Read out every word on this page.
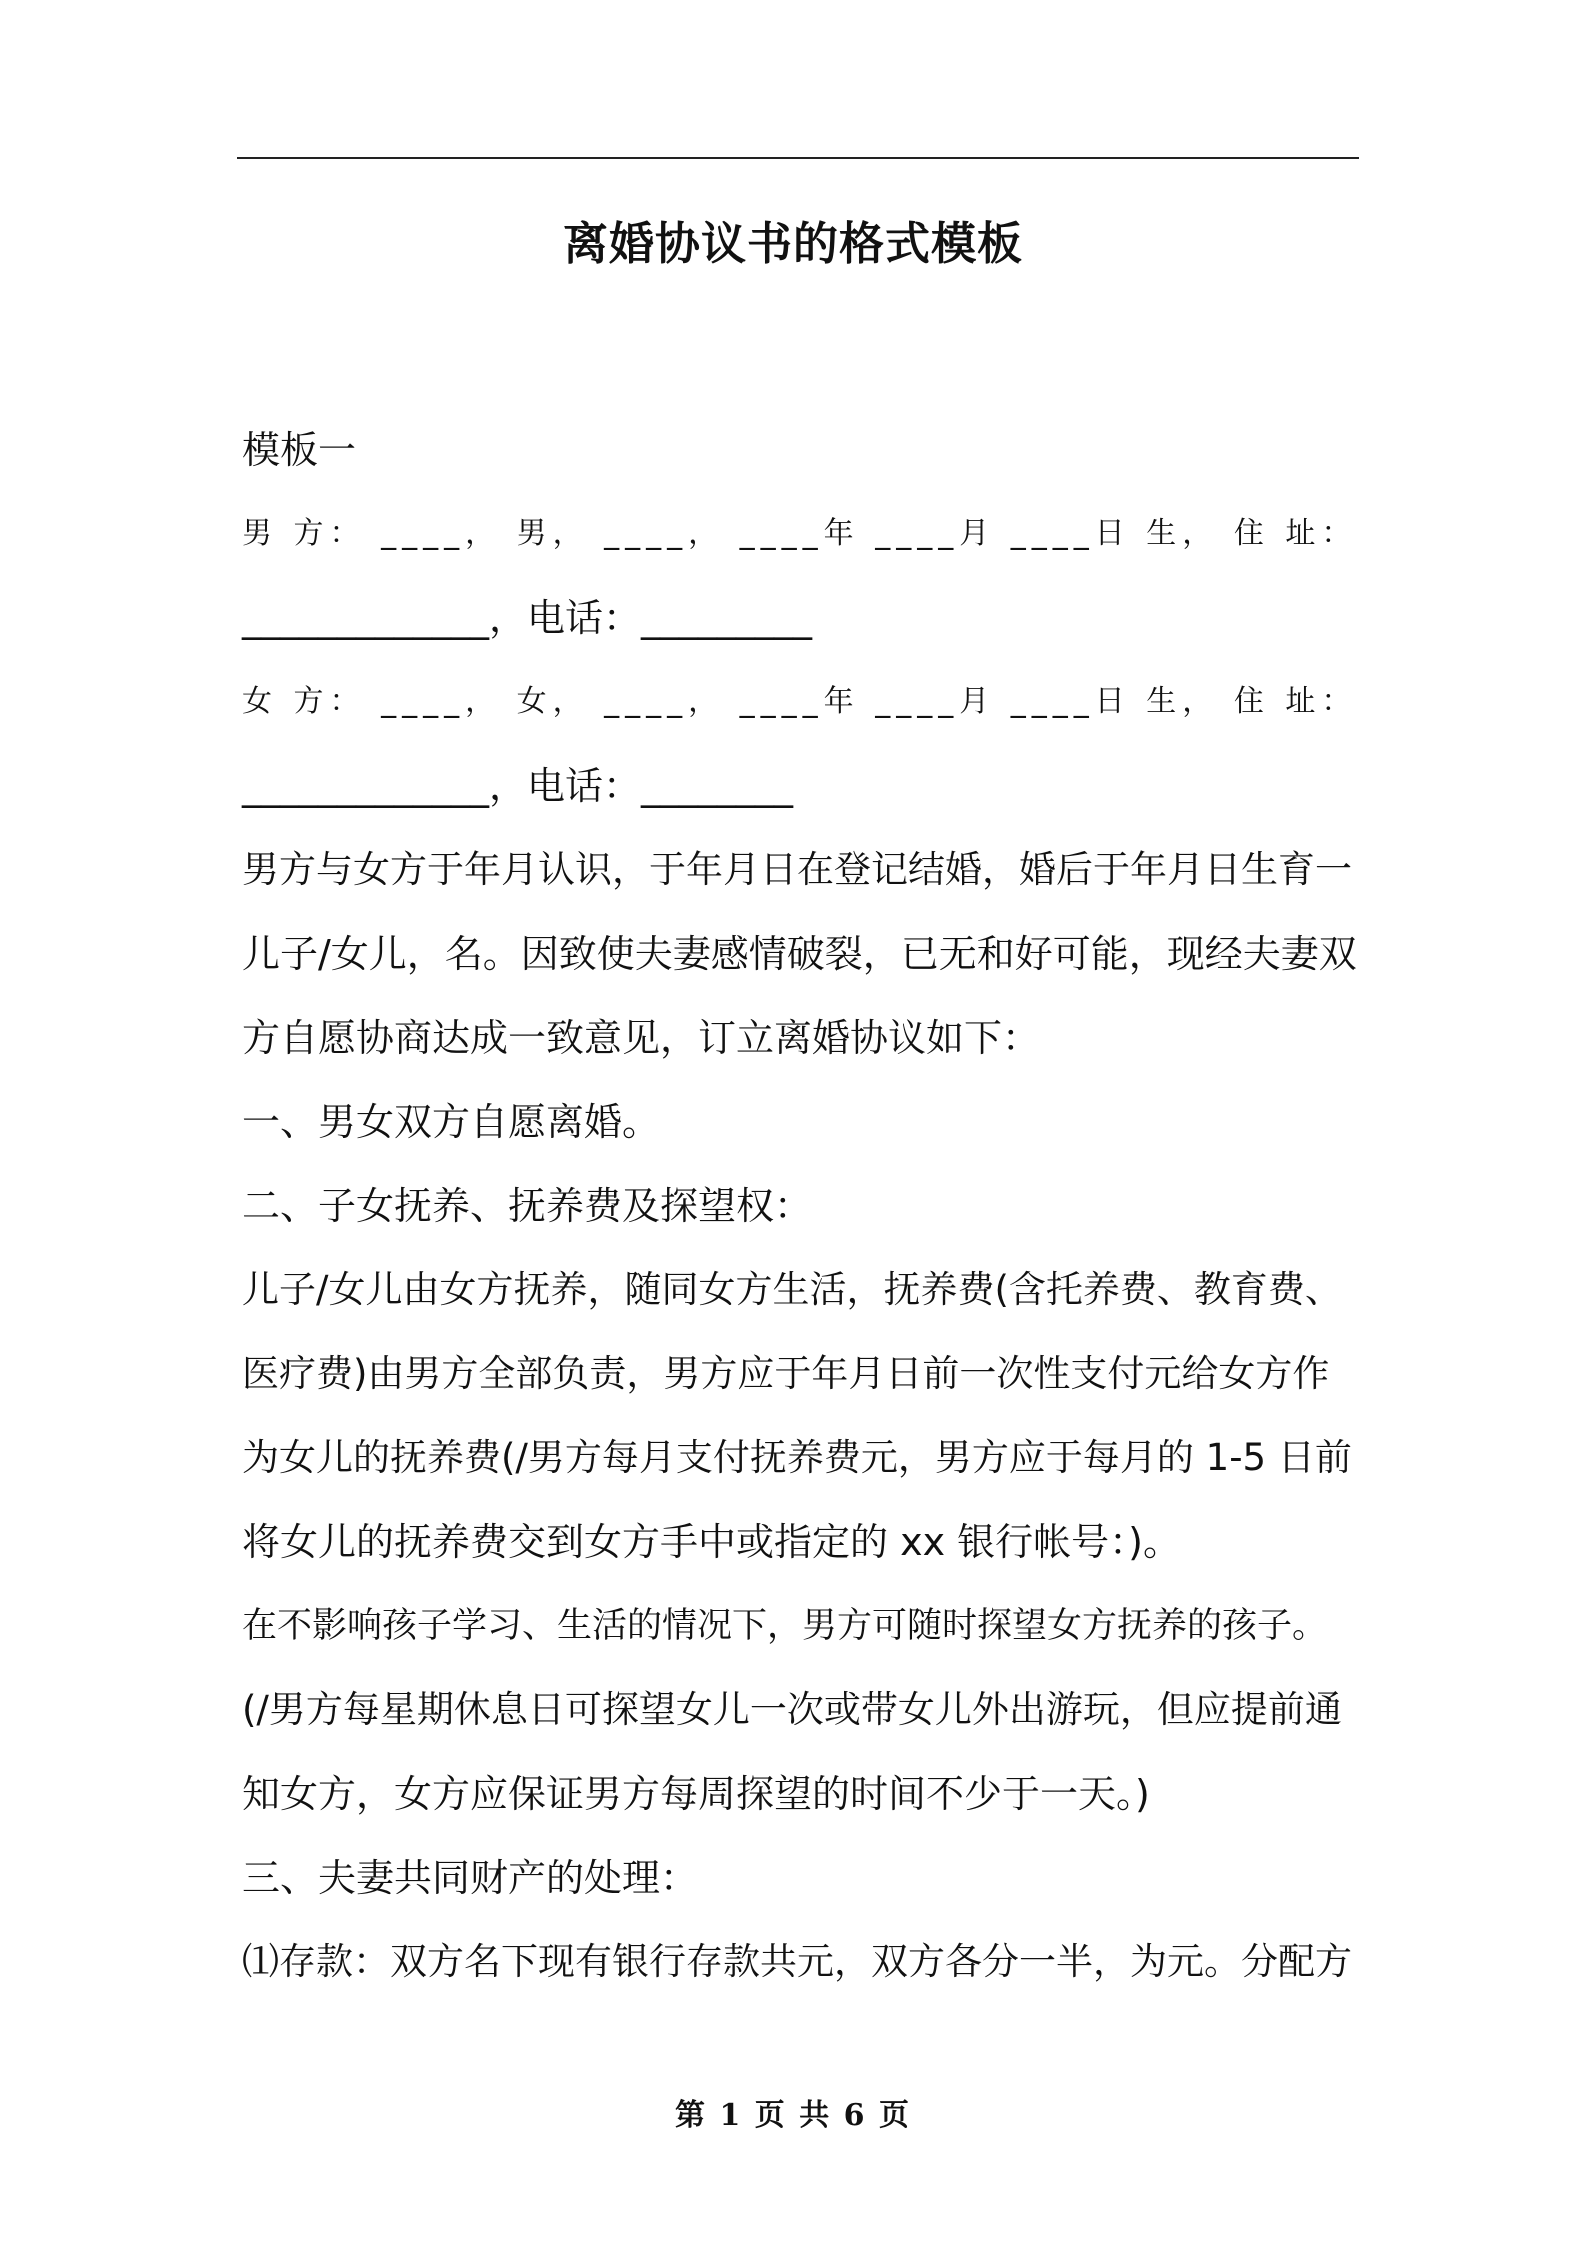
离婚协议书的格式模板
模板一
男 方： ____， 男， ____， ____年 ____月 ____日 生， 住 址：
_____________，电话：_________
女 方： ____， 女， ____， ____年 ____月 ____日 生， 住 址：
_____________，电话：________
男方与女方于年月认识，于年月日在登记结婚，婚后于年月日生育一
儿子/女儿，名。因致使夫妻感情破裂，已无和好可能，现经夫妻双
方自愿协商达成一致意见，订立离婚协议如下：
一、男女双方自愿离婚。
二、子女抚养、抚养费及探望权：
儿子/女儿由女方抚养，随同女方生活，抚养费(含托养费、教育费、
医疗费)由男方全部负责，男方应于年月日前一次性支付元给女方作
为女儿的抚养费(/男方每月支付抚养费元，男方应于每月的 1-5 日前
将女儿的抚养费交到女方手中或指定的 xx 银行帐号：)。
在不影响孩子学习、生活的情况下，男方可随时探望女方抚养的孩子。
(/男方每星期休息日可探望女儿一次或带女儿外出游玩，但应提前通
知女方，女方应保证男方每周探望的时间不少于一天。)
三、夫妻共同财产的处理：
⑴存款：双方名下现有银行存款共元，双方各分一半，为元。分配方
第 1 页 共 6 页
